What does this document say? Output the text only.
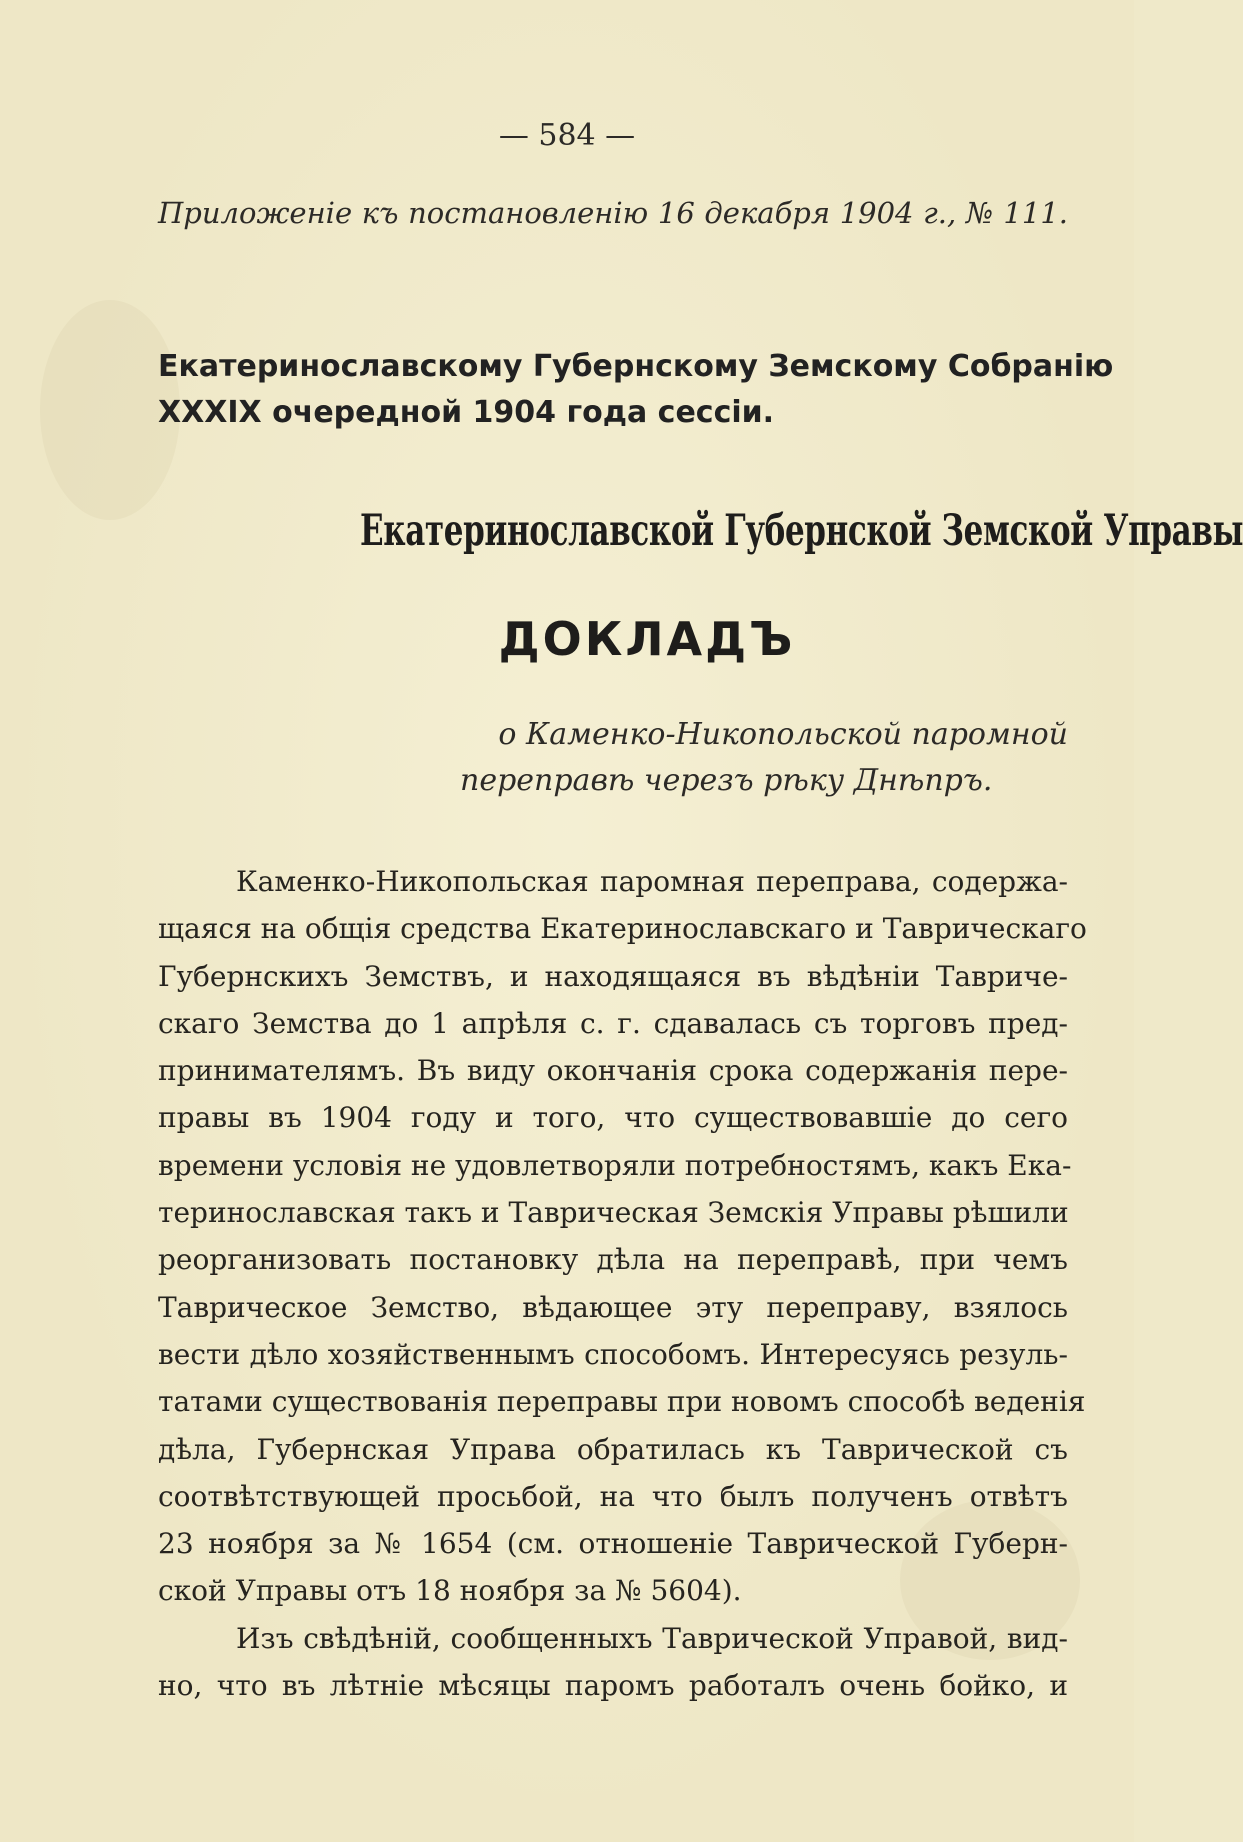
— 584 —
Приложеніе къ постановленію 16 декабря 1904 г., № 111.
Екатеринославскому Губернскому Земскому Собранію
XXXIX очередной 1904 года сессіи.
Екатеринославской Губернской Земской Управы
ДОКЛАДЪ
о Каменко-Никопольской паромной
переправѣ черезъ рѣку Днѣпръ.
Каменко-Никопольская паромная переправа, содержа-
щаяся на общія средства Екатеринославскаго и Таврическаго
Губернскихъ Земствъ, и находящаяся въ вѣдѣніи Тавриче-
скаго Земства до 1 апрѣля с. г. сдавалась съ торговъ пред-
принимателямъ. Въ виду окончанія срока содержанія пере-
правы въ 1904 году и того, что существовавшіе до сего
времени условія не удовлетворяли потребностямъ, какъ Ека-
теринославская такъ и Таврическая Земскія Управы рѣшили
реорганизовать постановку дѣла на переправѣ, при чемъ
Таврическое Земство, вѣдающее эту переправу, взялось
вести дѣло хозяйственнымъ способомъ. Интересуясь резуль-
татами существованія переправы при новомъ способѣ веденія
дѣла, Губернская Управа обратилась къ Таврической съ
соотвѣтствующей просьбой, на что былъ полученъ отвѣтъ
23 ноября за № 1654 (см. отношеніе Таврической Губерн-
ской Управы отъ 18 ноября за № 5604).
Изъ свѣдѣній, сообщенныхъ Таврической Управой, вид-
но, что въ лѣтніе мѣсяцы паромъ работалъ очень бойко, и
